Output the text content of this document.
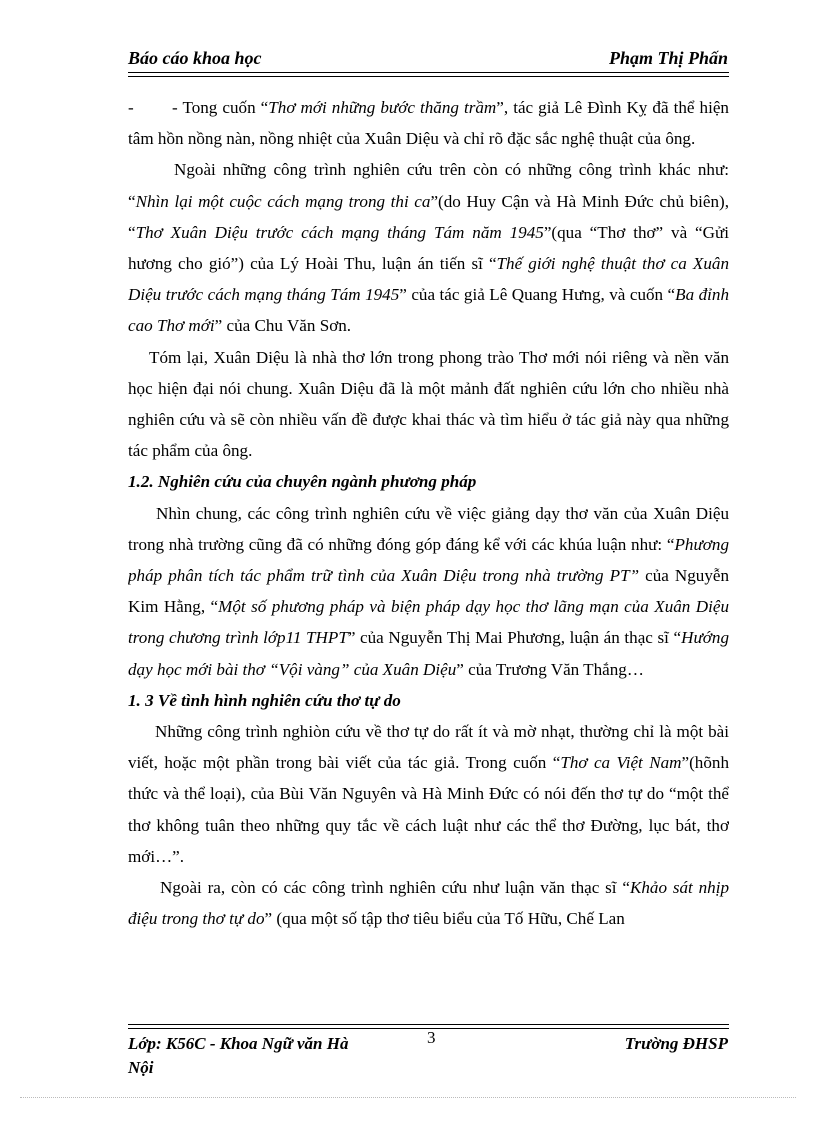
Báo cáo khoa học	Phạm Thị Phấn

- - Tong cuốn “Thơ mới những bước thăng trầm”, tác giả Lê Đình Kỵ đã thể hiện tâm hồn nồng nàn, nồng nhiệt của Xuân Diệu và chỉ rõ đặc sắc nghệ thuật của ông.

Ngoài những công trình nghiên cứu trên còn có những công trình khác như: “Nhìn lại một cuộc cách mạng trong thi ca”(do Huy Cận và Hà Minh Đức chủ biên), “Thơ Xuân Diệu trước cách mạng tháng Tám năm 1945”(qua “Thơ thơ” và “Gửi hương cho gió”) của Lý Hoài Thu, luận án tiến sĩ “Thế giới nghệ thuật thơ ca Xuân Diệu trước cách mạng tháng Tám 1945” của tác giả Lê Quang Hưng, và cuốn “Ba đỉnh cao Thơ mới” của Chu Văn Sơn.

Tóm lại, Xuân Diệu là nhà thơ lớn trong phong trào Thơ mới nói riêng và nền văn học hiện đại nói chung. Xuân Diệu đã là một mảnh đất nghiên cứu lớn cho nhiều nhà nghiên cứu và sẽ còn nhiều vấn đề được khai thác và tìm hiểu ở tác giả này qua những tác phẩm của ông.

1.2. Nghiên cứu của chuyên ngành phương pháp

Nhìn chung, các công trình nghiên cứu về việc giảng dạy thơ văn của Xuân Diệu trong nhà trường cũng đã có những đóng góp đáng kể với các khúa luận như: “Phương pháp phân tích tác phẩm trữ tình của Xuân Diệu trong nhà trường PT” của Nguyễn Kim Hằng, “Một số phương pháp và biện pháp dạy học thơ lãng mạn của Xuân Diệu trong chương trình lớp11 THPT” của Nguyễn Thị Mai Phương, luận án thạc sĩ “Hướng dạy học mới bài thơ “Vội vàng” của Xuân Diệu” của Trương Văn Thắng…

1. 3 Về tình hình nghiên cứu thơ tự do

Những công trình nghiòn cứu về thơ tự do rất ít và mờ nhạt, thường chỉ là một bài viết, hoặc một phần trong bài viết của tác giả. Trong cuốn “Thơ ca Việt Nam”(hõnh thức và thể loại), của Bùi Văn Nguyên và Hà Minh Đức có nói đến thơ tự do “một thể thơ không tuân theo những quy tắc về cách luật như các thể thơ Đường, lục bát, thơ mới…”.

Ngoài ra, còn có các công trình nghiên cứu như luận văn thạc sĩ “Khảo sát nhịp điệu trong thơ tự do” (qua một số tập thơ tiêu biểu của Tố Hữu, Chế Lan

Lớp: K56C - Khoa Ngữ văn Hà Nội
3	Trường ĐHSP
